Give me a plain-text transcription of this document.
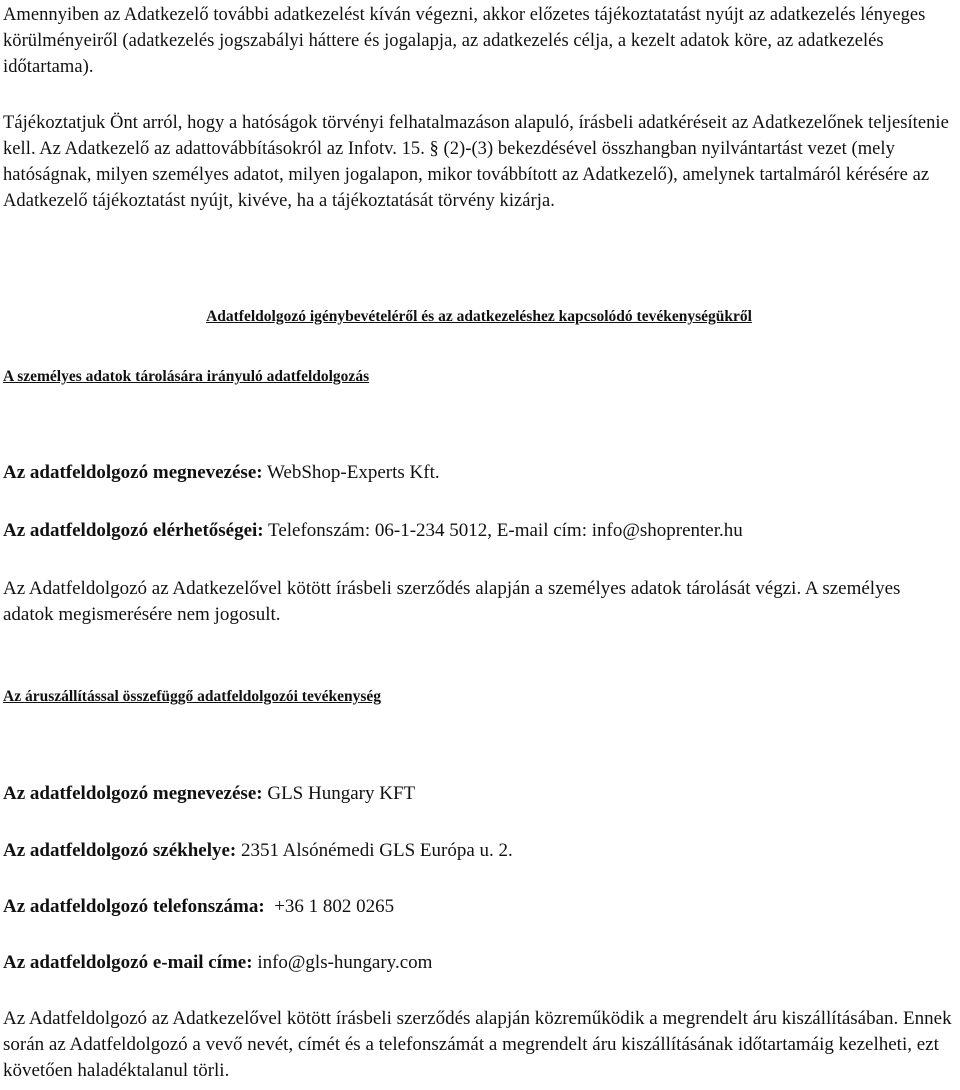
Amennyiben az Adatkezelő további adatkezelést kíván végezni, akkor előzetes tájékoztatatást nyújt az adatkezelés lényeges körülményeiről (adatkezelés jogszabályi háttere és jogalapja, az adatkezelés célja, a kezelt adatok köre, az adatkezelés időtartama).

Tájékoztatjuk Önt arról, hogy a hatóságok törvényi felhatalmazáson alapuló, írásbeli adatkéréseit az Adatkezelőnek teljesítenie kell. Az Adatkezelő az adattovábbításokról az Infotv. 15. § (2)-(3) bekezdésével összhangban nyilvántartást vezet (mely hatóságnak, milyen személyes adatot, milyen jogalapon, mikor továbbított az Adatkezelő), amelynek tartalmáról kérésére az Adatkezelő tájékoztatást nyújt, kivéve, ha a tájékoztatását törvény kizárja.

Adatfeldolgozó igénybevételéről és az adatkezeléshez kapcsolódó tevékenységükről

A személyes adatok tárolására irányuló adatfeldolgozás

Az adatfeldolgozó megnevezése: WebShop-Experts Kft.

Az adatfeldolgozó elérhetőségei: Telefonszám: 06-1-234 5012, E-mail cím: info@shoprenter.hu

Az Adatfeldolgozó az Adatkezelővel kötött írásbeli szerződés alapján a személyes adatok tárolását végzi. A személyes adatok megismerésére nem jogosult.

Az áruszállítással összefüggő adatfeldolgozói tevékenység

Az adatfeldolgozó megnevezése: GLS Hungary KFT

Az adatfeldolgozó székhelye: 2351 Alsónémedi GLS Európa u. 2.

Az adatfeldolgozó telefonszáma:  +36 1 802 0265

Az adatfeldolgozó e-mail címe: info@gls-hungary.com

Az Adatfeldolgozó az Adatkezelővel kötött írásbeli szerződés alapján közreműködik a megrendelt áru kiszállításában. Ennek során az Adatfeldolgozó a vevő nevét, címét és a telefonszámát a megrendelt áru kiszállításának időtartamáig kezelheti, ezt követően haladéktalanul törli.
